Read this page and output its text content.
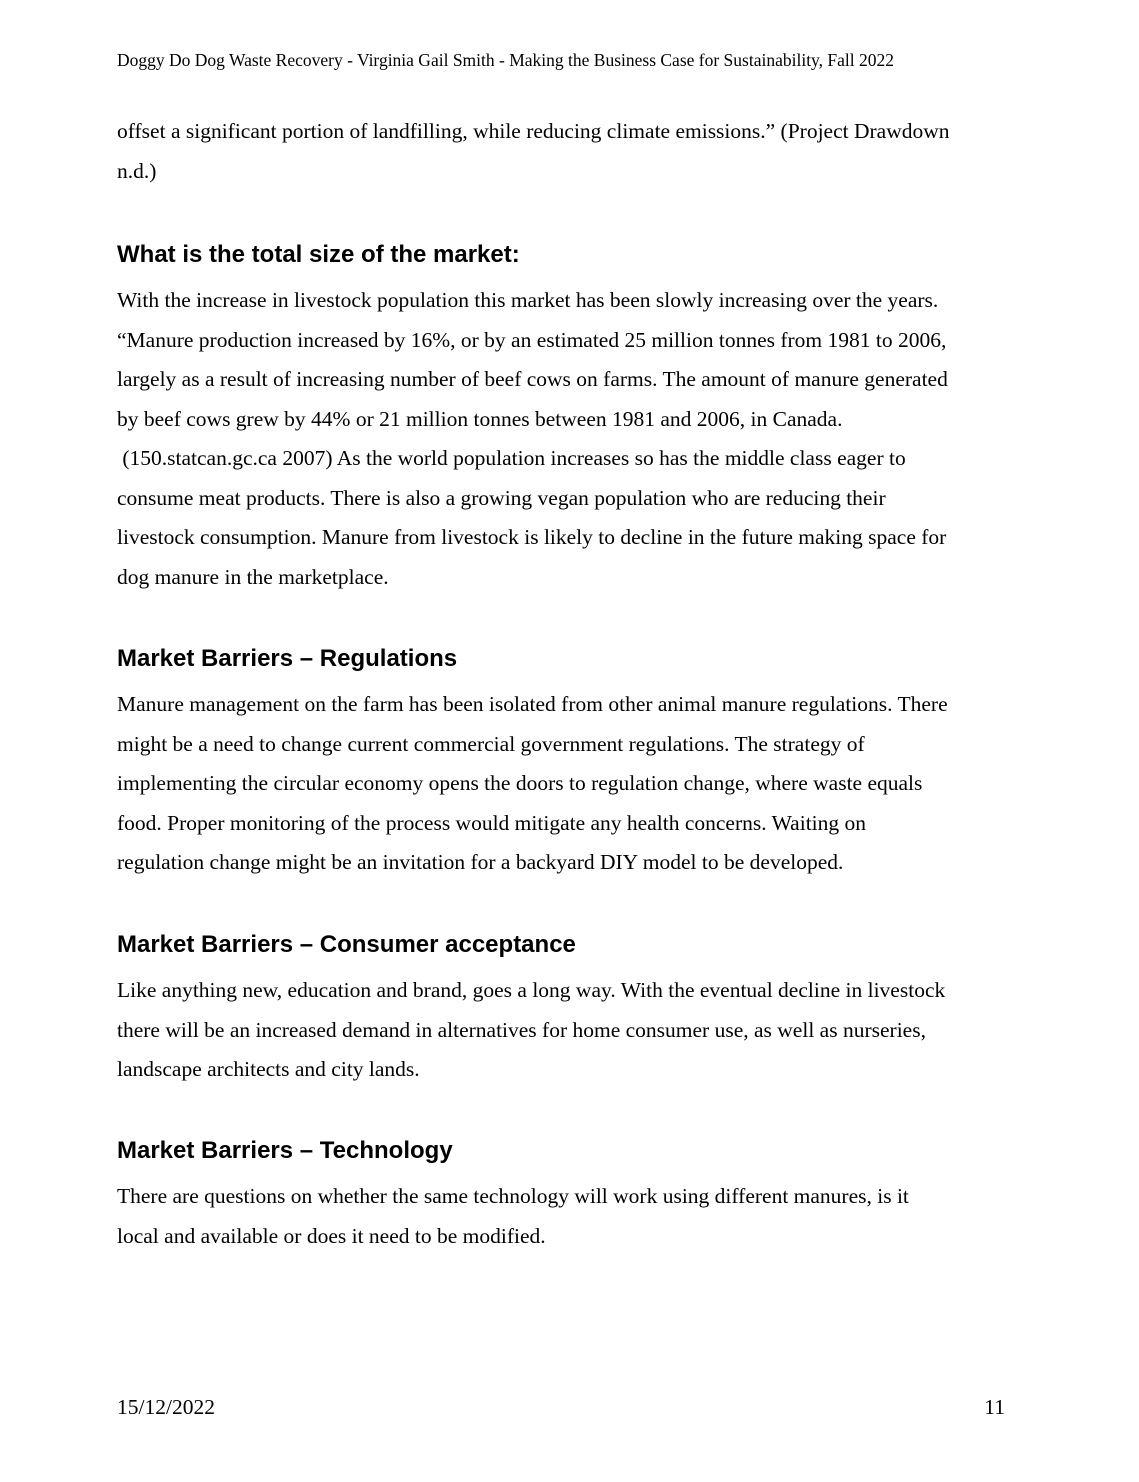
Doggy Do Dog Waste Recovery - Virginia Gail Smith - Making the Business Case for Sustainability, Fall 2022

offset a significant portion of landfilling, while reducing climate emissions.” (Project Drawdown
n.d.)

What is the total size of the market:

With the increase in livestock population this market has been slowly increasing over the years.
“Manure production increased by 16%, or by an estimated 25 million tonnes from 1981 to 2006,
largely as a result of increasing number of beef cows on farms. The amount of manure generated
by beef cows grew by 44% or 21 million tonnes between 1981 and 2006, in Canada.
(150.statcan.gc.ca 2007) As the world population increases so has the middle class eager to
consume meat products. There is also a growing vegan population who are reducing their
livestock consumption. Manure from livestock is likely to decline in the future making space for
dog manure in the marketplace.

Market Barriers – Regulations

Manure management on the farm has been isolated from other animal manure regulations. There
might be a need to change current commercial government regulations. The strategy of
implementing the circular economy opens the doors to regulation change, where waste equals
food. Proper monitoring of the process would mitigate any health concerns. Waiting on
regulation change might be an invitation for a backyard DIY model to be developed.

Market Barriers – Consumer acceptance

Like anything new, education and brand, goes a long way. With the eventual decline in livestock
there will be an increased demand in alternatives for home consumer use, as well as nurseries,
landscape architects and city lands.

Market Barriers – Technology

There are questions on whether the same technology will work using different manures, is it
local and available or does it need to be modified.

15/12/2022	11
